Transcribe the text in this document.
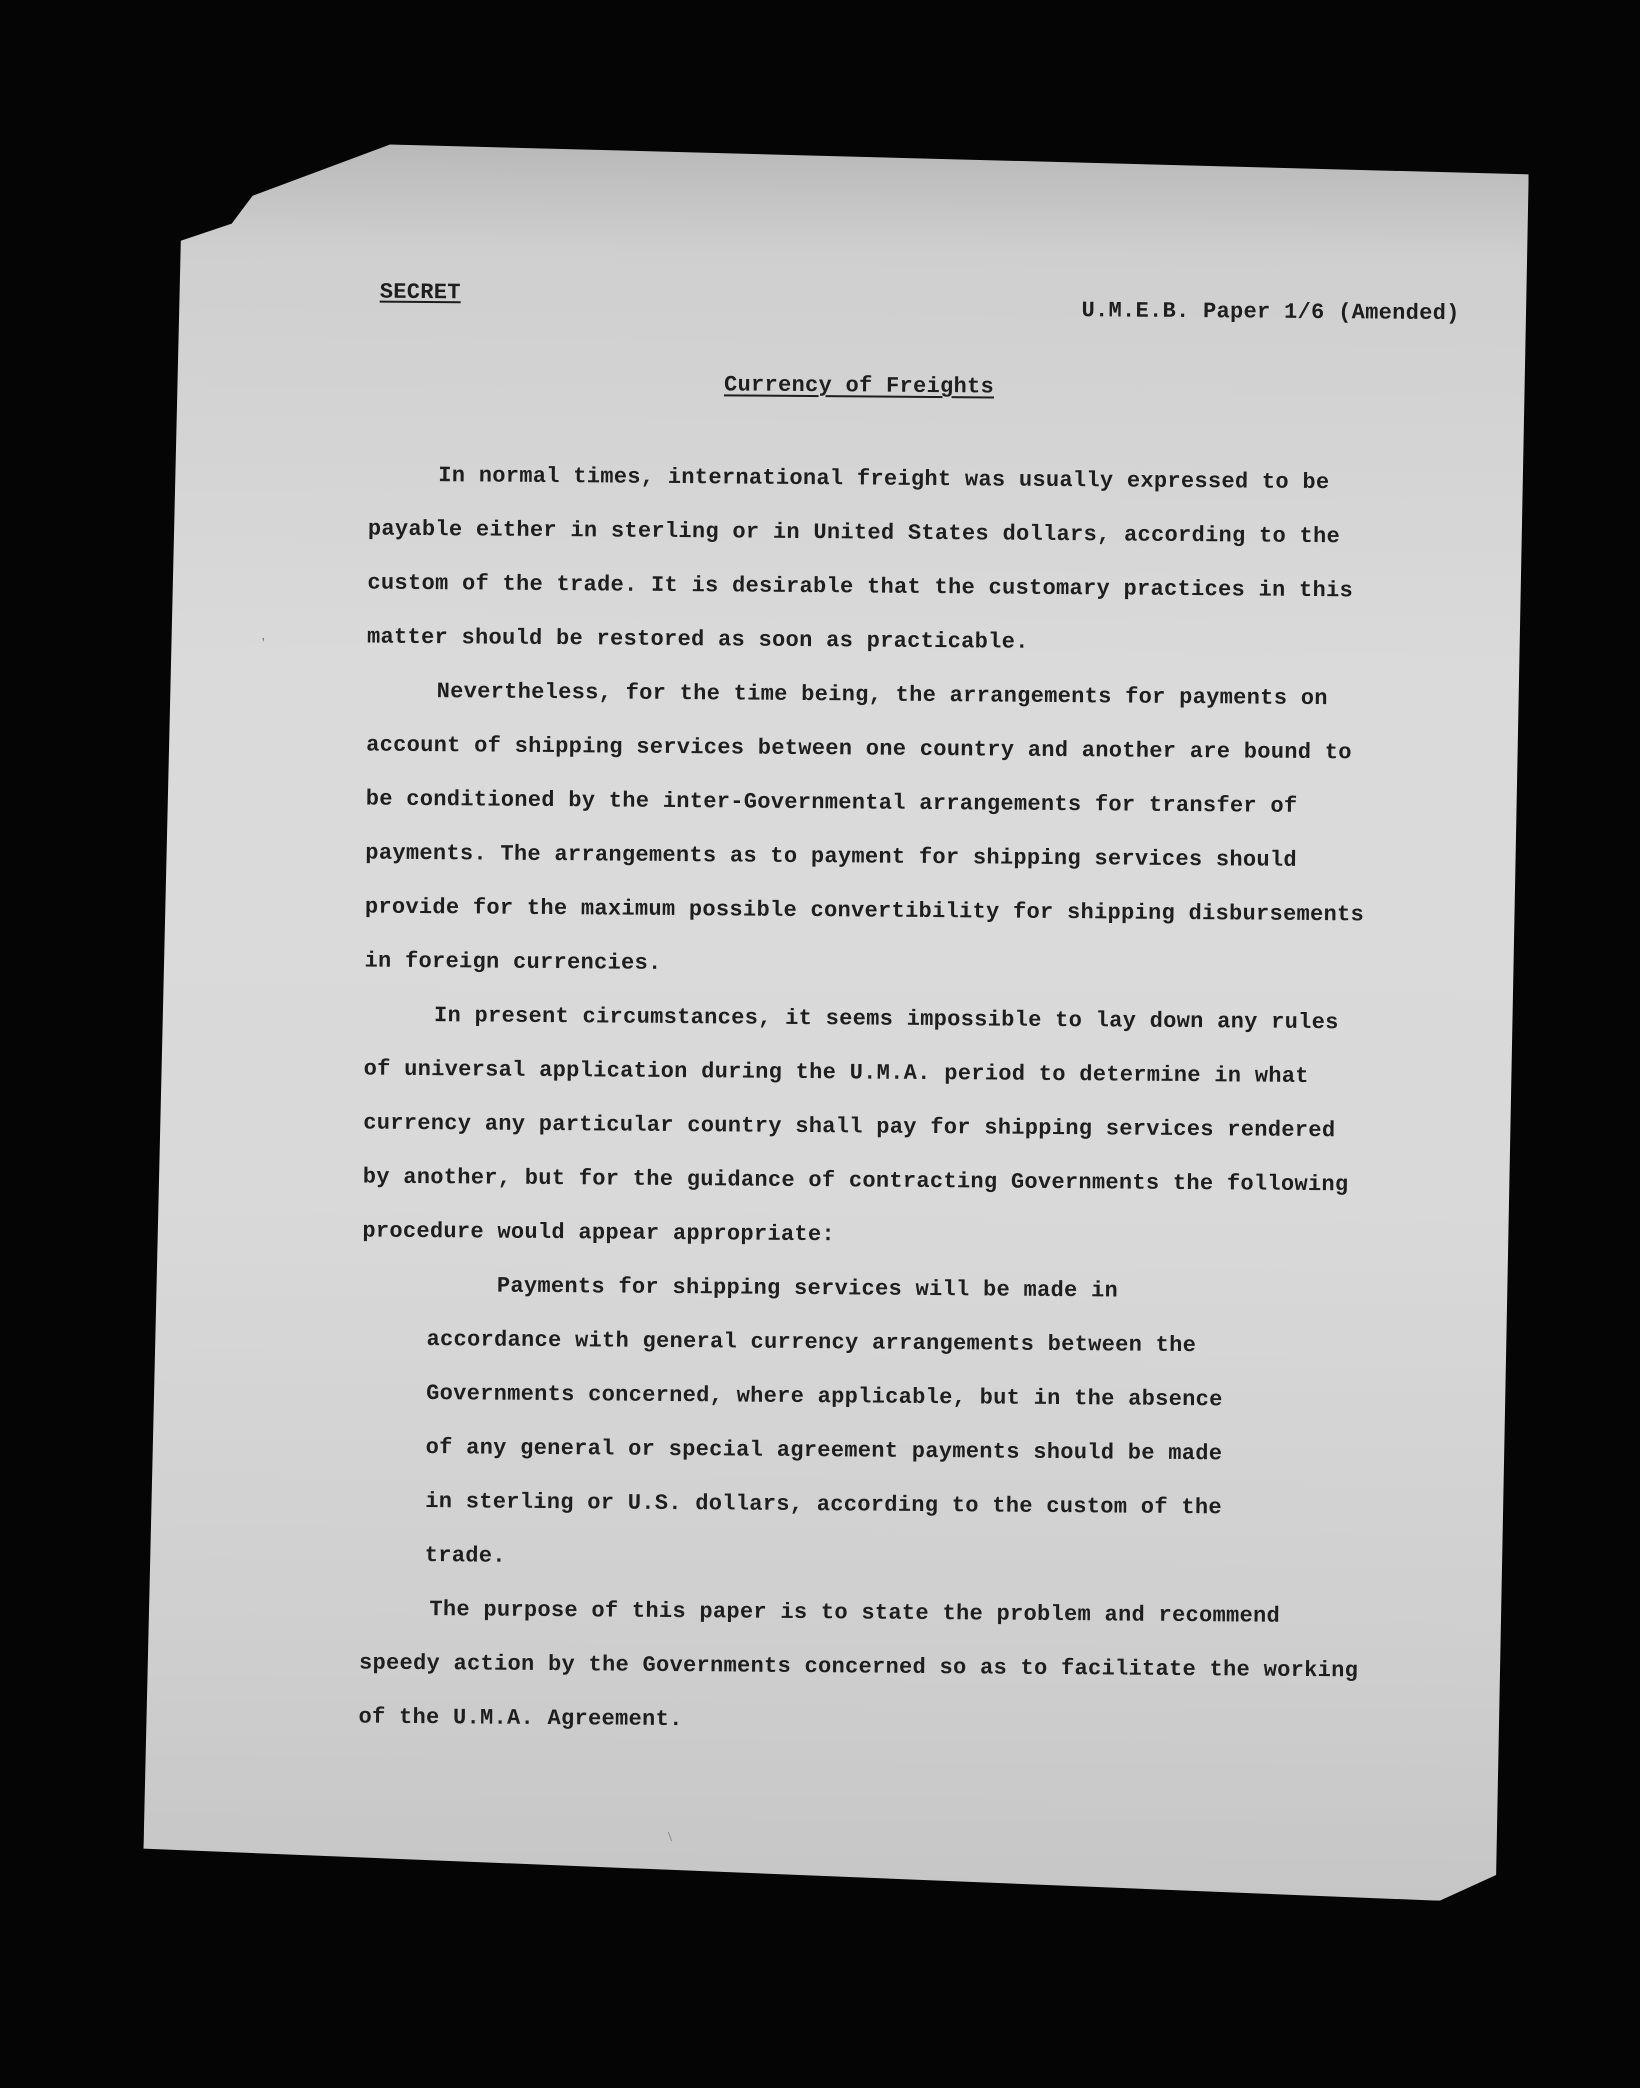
SECRET
U.M.E.B. Paper 1/6 (Amended)
Currency of Freights

In normal times, international freight was usually expressed to be payable either in sterling or in United States dollars, according to the custom of the trade. It is desirable that the customary practices in this matter should be restored as soon as practicable.

Nevertheless, for the time being, the arrangements for payments on account of shipping services between one country and another are bound to be conditioned by the inter-Governmental arrangements for transfer of payments. The arrangements as to payment for shipping services should provide for the maximum possible convertibility for shipping disbursements in foreign currencies.

In present circumstances, it seems impossible to lay down any rules of universal application during the U.M.A. period to determine in what currency any particular country shall pay for shipping services rendered by another, but for the guidance of contracting Governments the following procedure would appear appropriate:

Payments for shipping services will be made in accordance with general currency arrangements between the Governments concerned, where applicable, but in the absence of any general or special agreement payments should be made in sterling or U.S. dollars, according to the custom of the trade.

The purpose of this paper is to state the problem and recommend speedy action by the Governments concerned so as to facilitate the working of the U.M.A. Agreement.

'
\
